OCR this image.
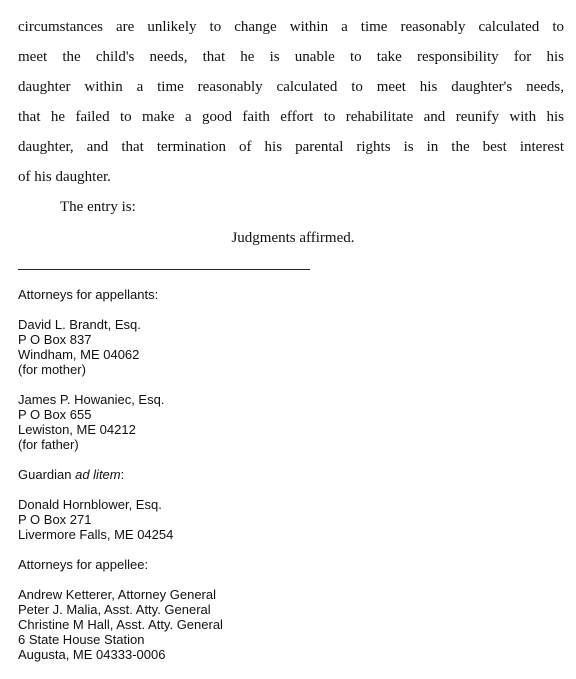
circumstances are unlikely to change within a time reasonably calculated to

meet the child's needs, that he is unable to take responsibility for his

daughter within a time reasonably calculated to meet his daughter's needs,

that he failed to make a good faith effort to rehabilitate and reunify with his

daughter, and that termination of his parental rights is in the best interest

of his daughter.

The entry is:
Judgments affirmed.
Attorneys for appellants:
David L. Brandt, Esq.
P O Box 837
Windham, ME 04062
(for mother)
James P. Howaniec, Esq.
P O Box 655
Lewiston, ME 04212
(for father)
Guardian ad litem:
Donald Hornblower, Esq.
P O Box 271
Livermore Falls, ME 04254
Attorneys for appellee:
Andrew Ketterer, Attorney General
Peter J. Malia, Asst. Atty. General
Christine M Hall, Asst. Atty. General
6 State House Station
Augusta, ME 04333-0006
